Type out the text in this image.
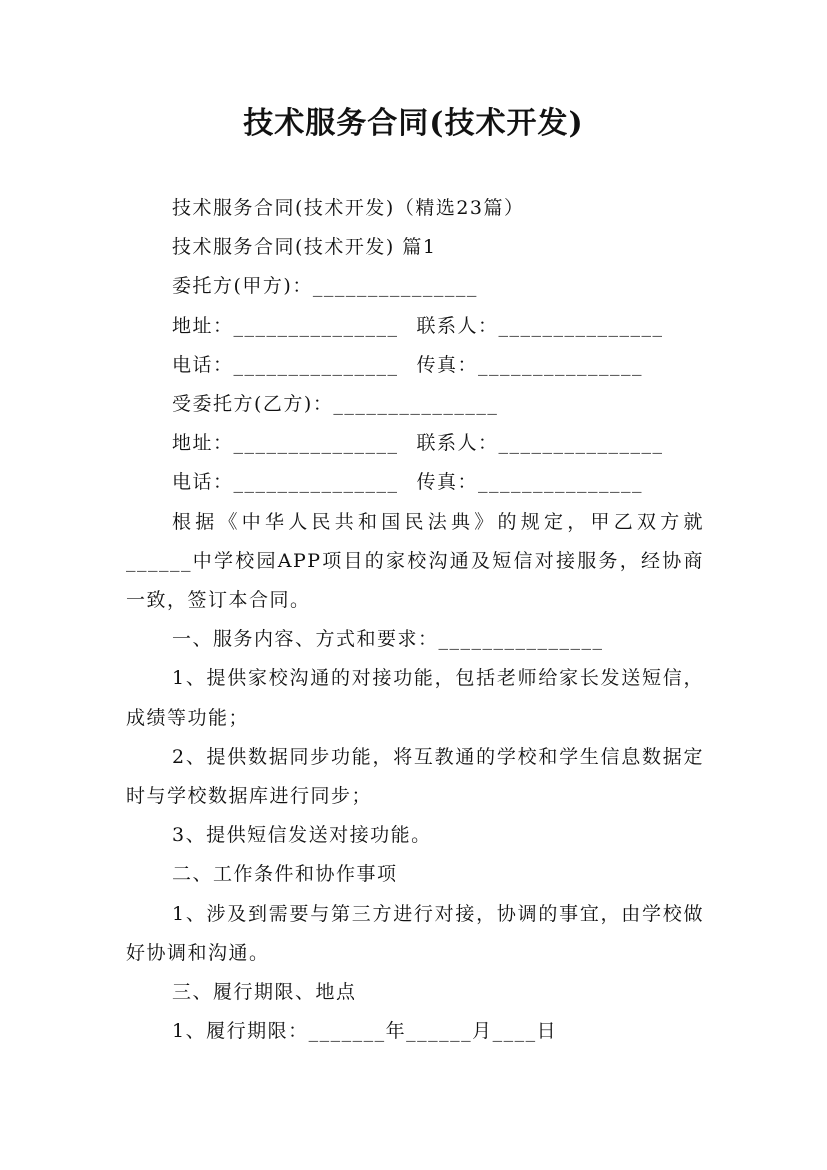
技术服务合同(技术开发)

技术服务合同(技术开发)（精选23篇）

技术服务合同(技术开发) 篇1

委托方(甲方)：_______________

地址：_______________ 联系人：_______________

电话：_______________ 传真：_______________

受委托方(乙方)：_______________

地址：_______________ 联系人：_______________

电话：_______________ 传真：_______________

根据《中华人民共和国民法典》的规定，甲乙双方就______中学校园APP项目的家校沟通及短信对接服务，经协商一致，签订本合同。

一、服务内容、方式和要求：_______________

1、提供家校沟通的对接功能，包括老师给家长发送短信，成绩等功能；

2、提供数据同步功能，将互教通的学校和学生信息数据定时与学校数据库进行同步；

3、提供短信发送对接功能。

二、工作条件和协作事项

1、涉及到需要与第三方进行对接，协调的事宜，由学校做好协调和沟通。

三、履行期限、地点

1、履行期限：_______年______月____日
